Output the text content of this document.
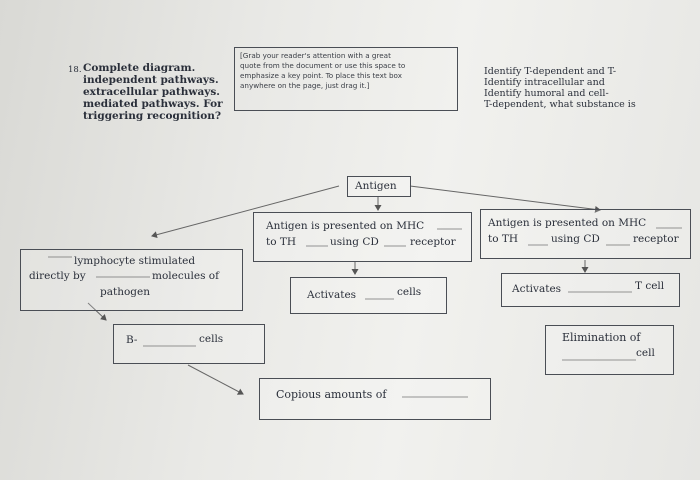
18. Complete diagram.
independent pathways.
extracellular pathways.
mediated pathways. For
triggering recognition?
[Grab your reader's attention with a great
quote from the document or use this space to
emphasize a key point. To place this text box
anywhere on the page, just drag it.]
Identify T-dependent and T-
Identify intracellular and
Identify humoral and cell-
T-dependent, what substance is
Antigen
Antigen is presented on MHC
to TH	using CD	receptor
Antigen is presented on MHC
to TH	using CD	receptor
lymphocyte stimulated
directly by	molecules of
pathogen	Activates	cells	Activates	T cell
B-	cells	Elimination of
cell
Copious amounts of
